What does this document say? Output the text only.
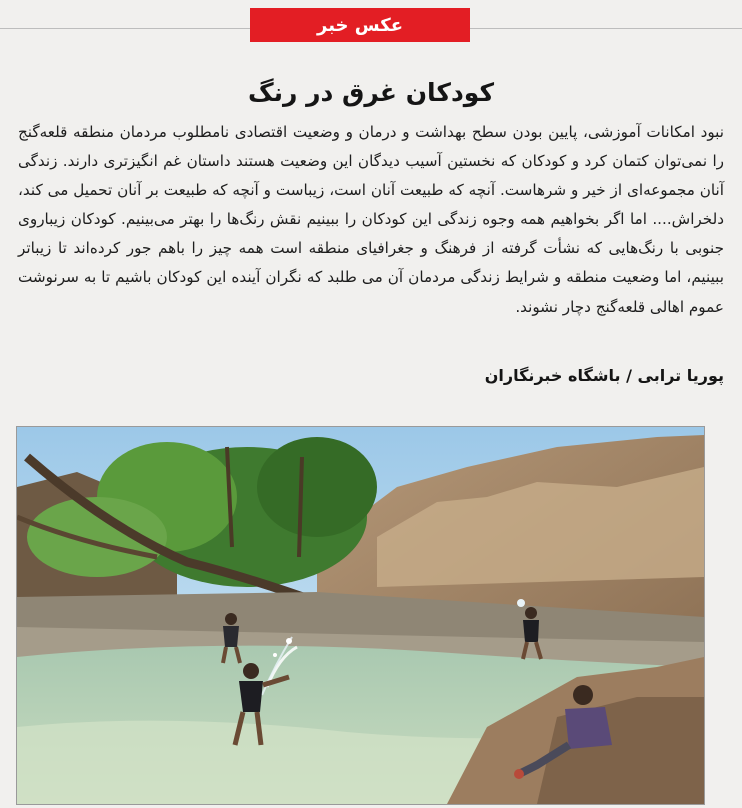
عکس خبر
کودکان غرق در رنگ
نبود امکانات آموزشی، پایین بودن سطح بهداشت و درمان و وضعیت اقتصادی نامطلوب مردمان منطقه قلعه‌گنج را نمی‌توان کتمان کرد و کودکان که نخستین آسیب دیدگان این وضعیت هستند داستان غم انگیزتری دارند. زندگی آنان مجموعه‌ای از خیر و شرهاست. آنچه که طبیعت آنان است، زیباست و آنچه که طبیعت بر آنان تحمیل می کند، دلخراش.... اما اگر بخواهیم همه وجوه زندگی این کودکان را ببینیم نقش رنگ‌ها را بهتر می‌بینیم. کودکان زیباروی جنوبی با رنگ‌هایی که نشأت گرفته از فرهنگ و جغرافیای منطقه است همه چیز را باهم جور کرده‌اند تا زیباتر ببینیم، اما وضعیت منطقه و شرایط زندگی مردمان آن می طلبد که نگران آینده این کودکان باشیم تا به سرنوشت عموم اهالی قلعه‌گنج دچار نشوند.
پوریا ترابی / باشگاه خبرنگاران
